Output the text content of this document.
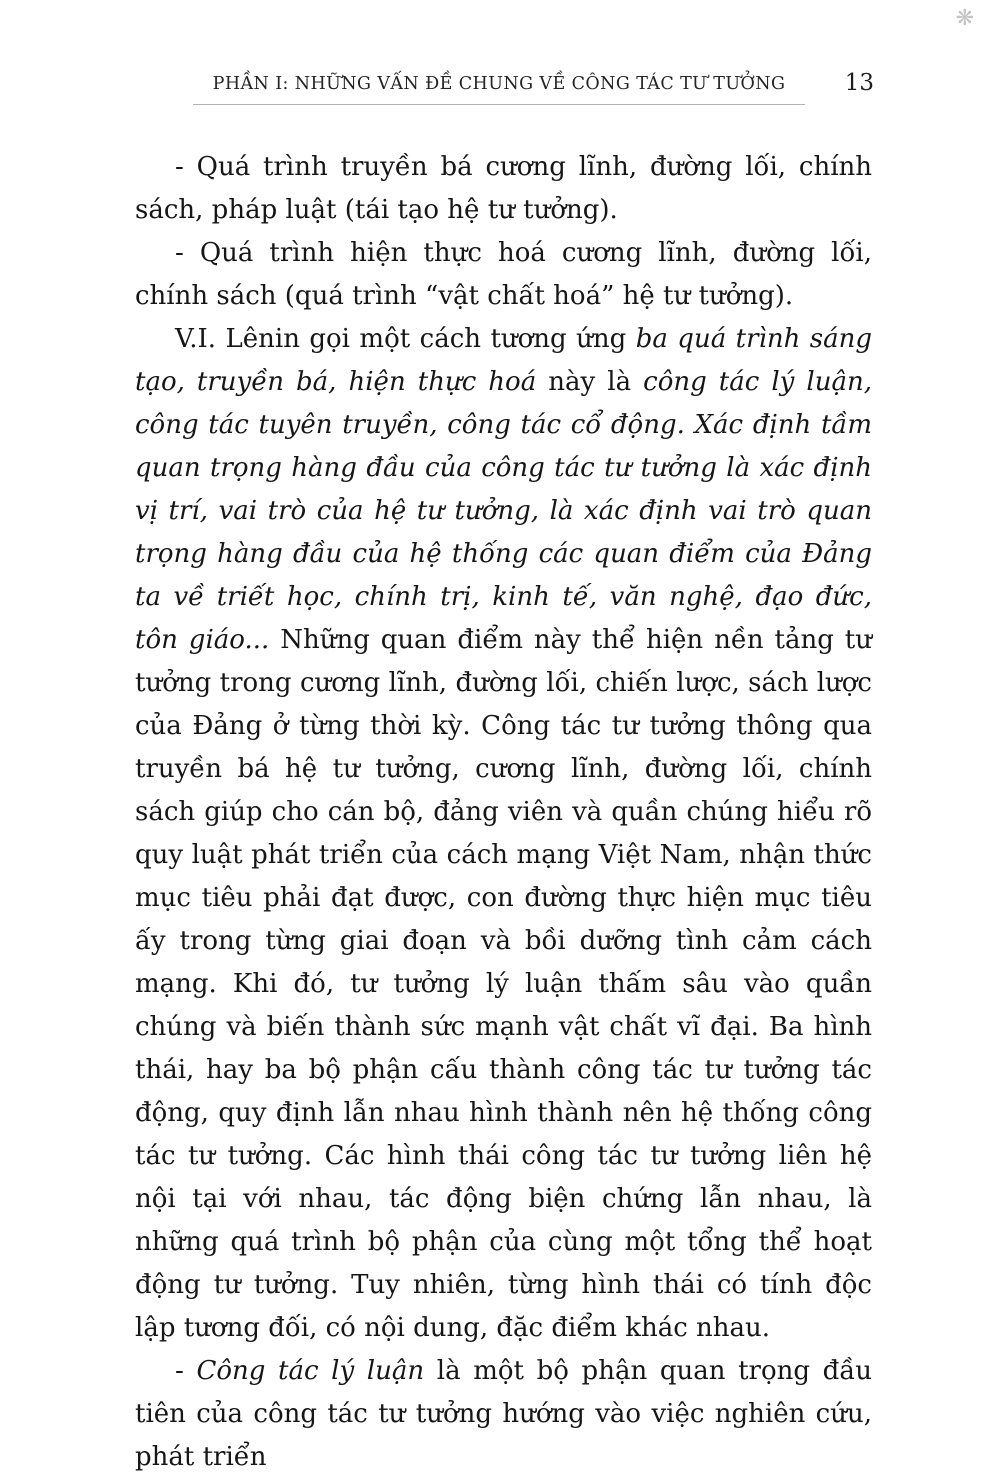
❋
PHẦN I: NHỮNG VẤN ĐỀ CHUNG VỀ CÔNG TÁC TƯ TƯỞNG	13

- Quá trình truyền bá cương lĩnh, đường lối, chính sách, pháp luật (tái tạo hệ tư tưởng).

- Quá trình hiện thực hoá cương lĩnh, đường lối, chính sách (quá trình “vật chất hoá” hệ tư tưởng).

V.I. Lênin gọi một cách tương ứng ba quá trình sáng tạo, truyền bá, hiện thực hoá này là công tác lý luận, công tác tuyên truyền, công tác cổ động. Xác định tầm quan trọng hàng đầu của công tác tư tưởng là xác định vị trí, vai trò của hệ tư tưởng, là xác định vai trò quan trọng hàng đầu của hệ thống các quan điểm của Đảng ta về triết học, chính trị, kinh tế, văn nghệ, đạo đức, tôn giáo... Những quan điểm này thể hiện nền tảng tư tưởng trong cương lĩnh, đường lối, chiến lược, sách lược của Đảng ở từng thời kỳ. Công tác tư tưởng thông qua truyền bá hệ tư tưởng, cương lĩnh, đường lối, chính sách giúp cho cán bộ, đảng viên và quần chúng hiểu rõ quy luật phát triển của cách mạng Việt Nam, nhận thức mục tiêu phải đạt được, con đường thực hiện mục tiêu ấy trong từng giai đoạn và bồi dưỡng tình cảm cách mạng. Khi đó, tư tưởng lý luận thấm sâu vào quần chúng và biến thành sức mạnh vật chất vĩ đại. Ba hình thái, hay ba bộ phận cấu thành công tác tư tưởng tác động, quy định lẫn nhau hình thành nên hệ thống công tác tư tưởng. Các hình thái công tác tư tưởng liên hệ nội tại với nhau, tác động biện chứng lẫn nhau, là những quá trình bộ phận của cùng một tổng thể hoạt động tư tưởng. Tuy nhiên, từng hình thái có tính độc lập tương đối, có nội dung, đặc điểm khác nhau.

- Công tác lý luận là một bộ phận quan trọng đầu tiên của công tác tư tưởng hướng vào việc nghiên cứu, phát triển
